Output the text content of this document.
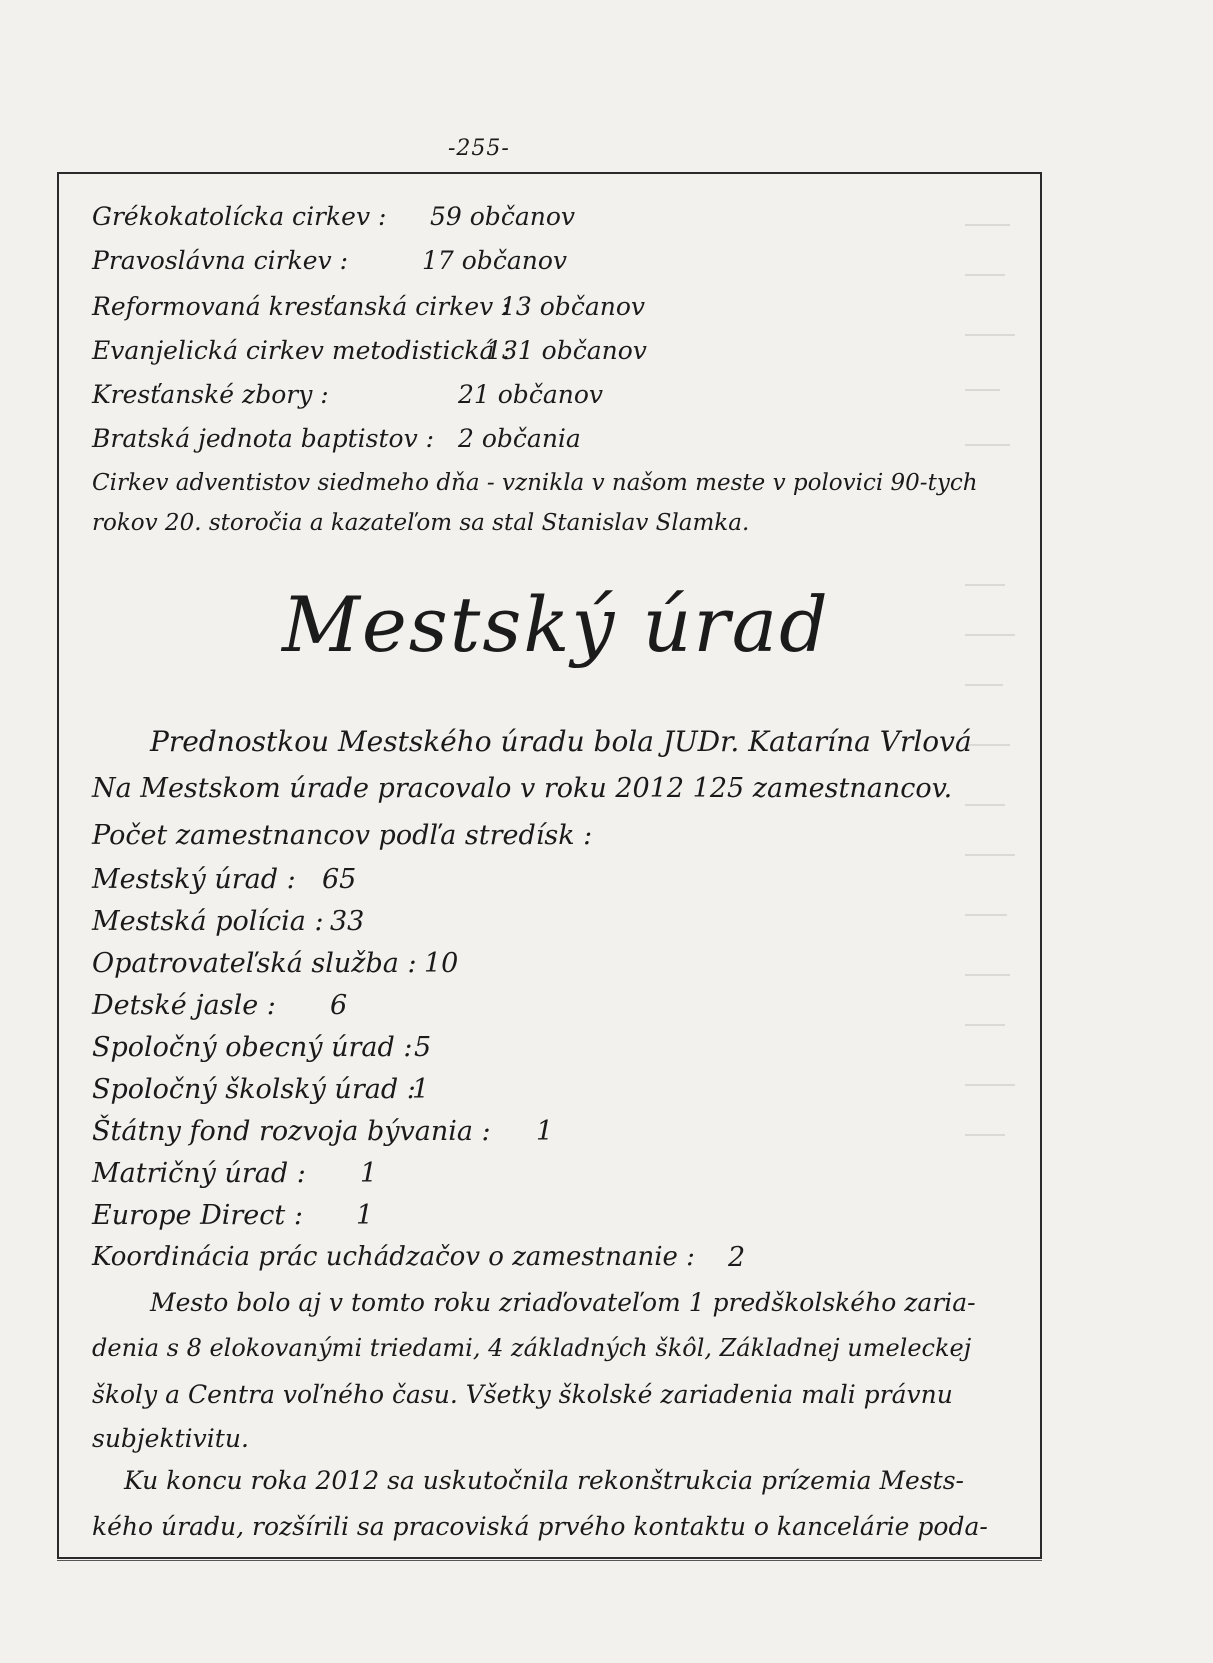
-255-
Grékokatolícka cirkev : 59 občanov
Pravoslávna cirkev :	17 občanov
Reformovaná kresťanská cirkev :
13 občanov
Evanjelická cirkev metodistická :
131 občanov
Kresťanské zbory :	21 občanov
Bratská jednota baptistov : 2 občania
Cirkev adventistov siedmeho dňa - vznikla v našom meste v polovici 90-tych
rokov 20. storočia a kazateľom sa stal Stanislav Slamka.
Mestský úrad
Prednostkou Mestského úradu bola JUDr. Katarína Vrlová
Na Mestskom úrade pracovalo v roku 2012 125 zamestnancov.
Počet zamestnancov podľa stredísk :
Mestský úrad : 65
Mestská polícia : 33
Opatrovateľská služba : 10
Detské jasle : 6
Spoločný obecný úrad : 5
Spoločný školský úrad :
1
Štátny fond rozvoja bývania : 1
Matričný úrad : 1
Europe Direct : 1
Koordinácia prác uchádzačov o zamestnanie : 2
Mesto bolo aj v tomto roku zriaďovateľom 1 predškolského zaria-
denia s 8 elokovanými triedami, 4 základných škôl, Základnej umeleckej
školy a Centra voľného času. Všetky školské zariadenia mali právnu
subjektivitu.
Ku koncu roka 2012 sa uskutočnila rekonštrukcia prízemia Mests-
kého úradu, rozšírili sa pracoviská prvého kontaktu o kancelárie poda-
